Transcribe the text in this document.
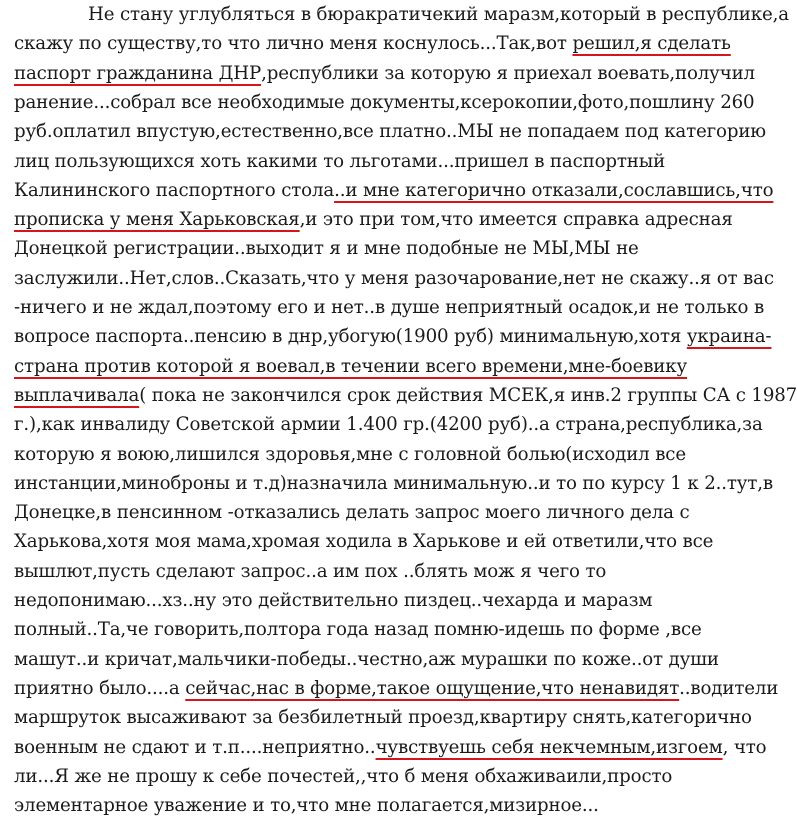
Не стану углубляться в бюракратичекий маразм,который в республике,а
скажу по существу,то что лично меня коснулось...Так,вот решил,я сделать
паспорт гражданина ДНР,республики за которую я приехал воевать,получил
ранение...собрал все необходимые документы,ксерокопии,фото,пошлину 260
руб.оплатил впустую,естественно,все платно..МЫ не попадаем под категорию
лиц пользующихся хоть какими то льготами...пришел в паспортный
Калининского паспортного стола..и мне категорично отказали,сославшись,что
прописка у меня Харьковская,и это при том,что имеется справка адресная
Донецкой регистрации..выходит я и мне подобные не МЫ,МЫ не
заслужили..Нет,слов..Сказать,что у меня разочарование,нет не скажу..я от вас
-ничего и не ждал,поэтому его и нет..в душе неприятный осадок,и не только в
вопросе паспорта..пенсию в днр,убогую(1900 руб) минимальную,хотя украина-
страна против которой я воевал,в течении всего времени,мне-боевику
выплачивала( пока не закончился срок действия МСЕК,я инв.2 группы СА с 1987
г.),как инвалиду Советской армии 1.400 гр.(4200 руб)..а страна,республика,за
которую я воюю,лишился здоровья,мне с головной болью(исходил все
инстанции,миноброны и т.д)назначила минимальную..и то по курсу 1 к 2..тут,в
Донецке,в пенсинном -отказались делать запрос моего личного дела с
Харькова,хотя моя мама,хромая ходила в Харькове и ей ответили,что все
вышлют,пусть сделают запрос..а им пох ..блять мож я чего то
недопонимаю...хз..ну это действительно пиздец..чехарда и маразм
полный..Та,че говорить,полтора года назад помню-идешь по форме ,все
машут..и кричат,мальчики-победы..честно,аж мурашки по коже..от души
приятно было....а сейчас,нас в форме,такое ощущение,что ненавидят..водители
маршруток высаживают за безбилетный проезд,квартиру снять,категорично
военным не сдают и т.п....неприятно..чувствуешь себя некчемным,изгоем, что
ли...Я же не прошу к себе почестей,,что б меня обхаживаили,просто
элементарное уважение и то,что мне полагается,мизирное...
